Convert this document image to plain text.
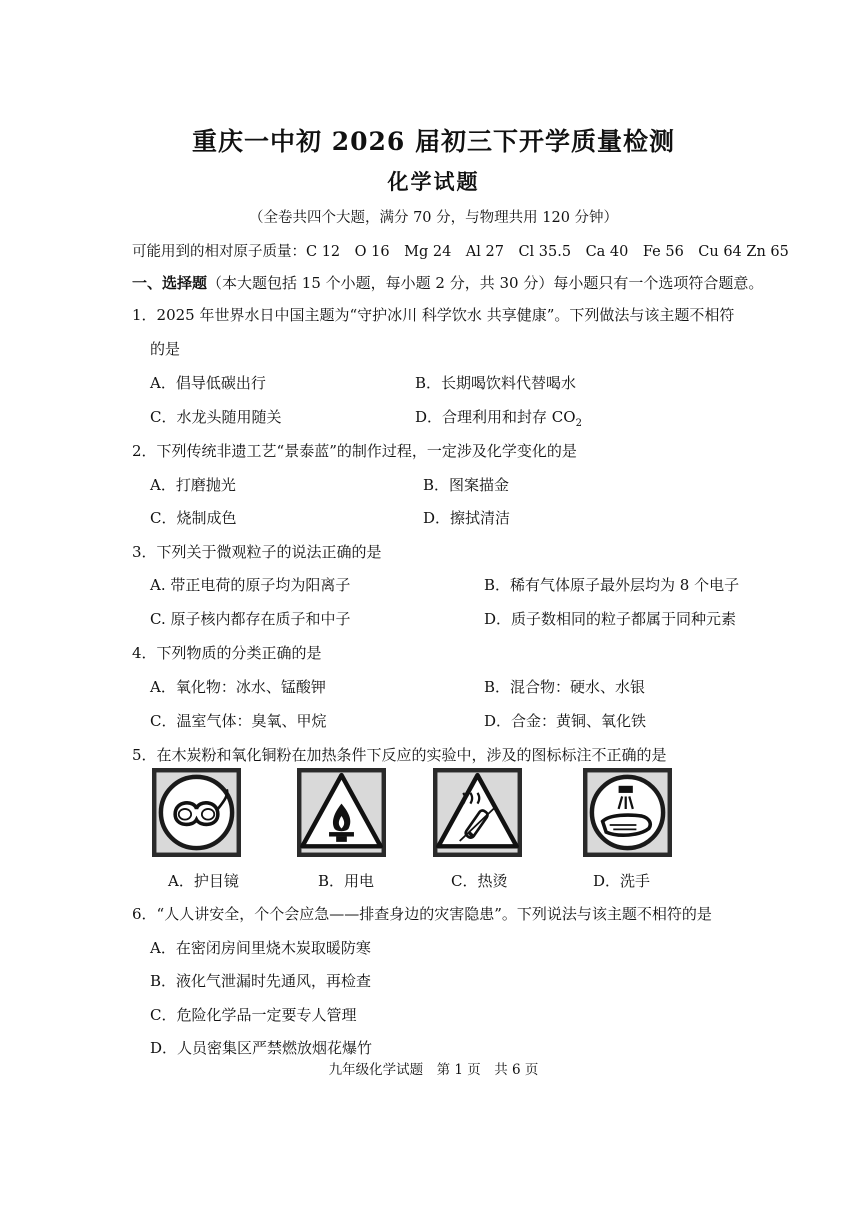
重庆一中初 2026 届初三下开学质量检测
化学试题
（全卷共四个大题，满分 70 分，与物理共用 120 分钟）
可能用到的相对原子质量：C 12　O 16　Mg 24　Al 27　Cl 35.5　Ca 40　Fe 56　Cu 64 Zn 65
一、选择题（本大题包括 15 个小题，每小题 2 分，共 30 分）每小题只有一个选项符合题意。
1．2025 年世界水日中国主题为“守护冰川 科学饮水 共享健康”。下列做法与该主题不相符
的是
A．倡导低碳出行	B．长期喝饮料代替喝水
C．水龙头随用随关	D．合理利用和封存 $CO_2$
2．下列传统非遗工艺“景泰蓝”的制作过程，一定涉及化学变化的是
A．打磨抛光	B．图案描金
C．烧制成色	D．擦拭清洁
3．下列关于微观粒子的说法正确的是
A. 带正电荷的原子均为阳离子	B．稀有气体原子最外层均为 8 个电子
C. 原子核内都存在质子和中子	D．质子数相同的粒子都属于同种元素
4．下列物质的分类正确的是
A．氧化物：冰水、锰酸钾	B．混合物：硬水、水银
C．温室气体：臭氧、甲烷	D．合金：黄铜、氧化铁
5．在木炭粉和氧化铜粉在加热条件下反应的实验中，涉及的图标标注不正确的是
A．护目镜	B．用电	C．热烫	D．洗手
6．“人人讲安全，个个会应急——排查身边的灾害隐患”。下列说法与该主题不相符的是
A．在密闭房间里烧木炭取暖防寒
B．液化气泄漏时先通风，再检查
C．危险化学品一定要专人管理
D．人员密集区严禁燃放烟花爆竹
九年级化学试题　第 1 页　共 6 页
